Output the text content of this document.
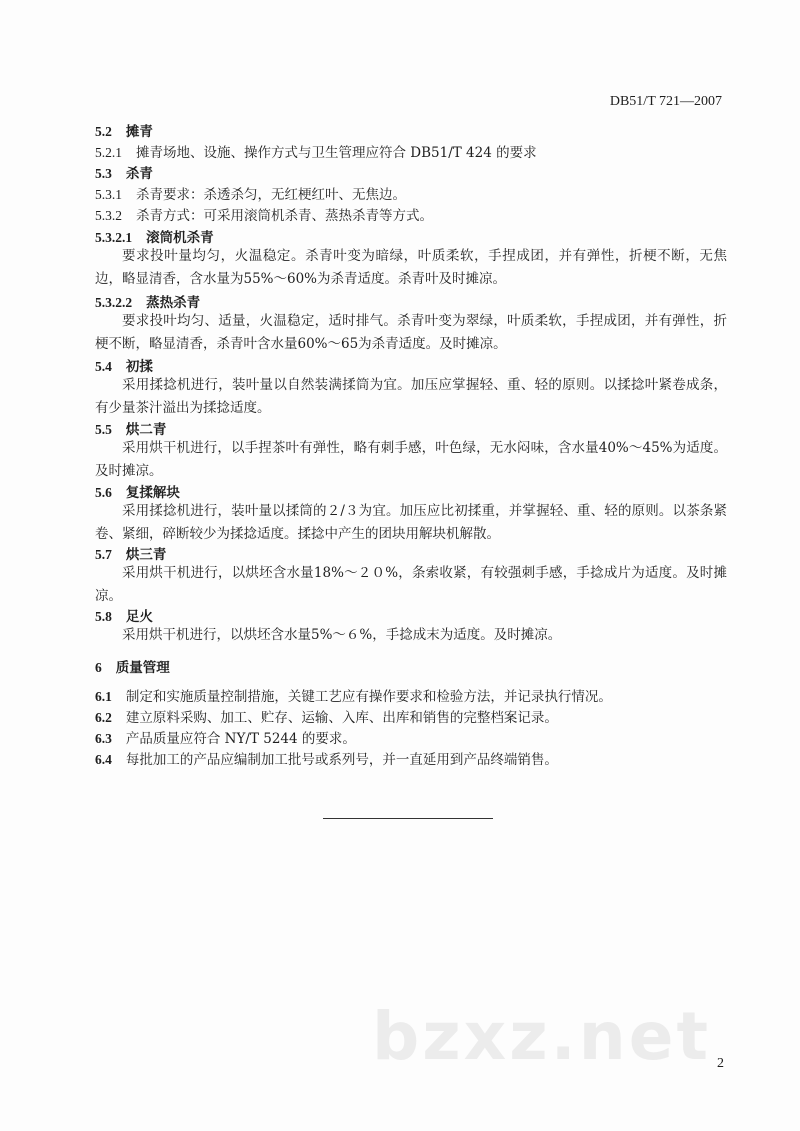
DB51/T 721—2007
5.2 摊青
5.2.1 摊青场地、设施、操作方式与卫生管理应符合 DB51/T 424 的要求
5.3 杀青
5.3.1 杀青要求：杀透杀匀，无红梗红叶、无焦边。
5.3.2 杀青方式：可采用滚筒机杀青、蒸热杀青等方式。
5.3.2.1 滚筒机杀青
要求投叶量均匀，火温稳定。杀青叶变为暗绿，叶质柔软，手捏成团，并有弹性，折梗不断，无焦边，略显清香，含水量为55%～60%为杀青适度。杀青叶及时摊凉。
5.3.2.2 蒸热杀青
要求投叶均匀、适量，火温稳定，适时排气。杀青叶变为翠绿，叶质柔软，手捏成团，并有弹性，折梗不断，略显清香，杀青叶含水量60%～65为杀青适度。及时摊凉。
5.4 初揉
采用揉捻机进行，装叶量以自然装满揉筒为宜。加压应掌握轻、重、轻的原则。以揉捻叶紧卷成条，有少量茶汁溢出为揉捻适度。
5.5 烘二青
采用烘干机进行，以手捏茶叶有弹性，略有刺手感，叶色绿，无水闷味，含水量40%～45%为适度。及时摊凉。
5.6 复揉解块
采用揉捻机进行，装叶量以揉筒的２/３为宜。加压应比初揉重，并掌握轻、重、轻的原则。以茶条紧卷、紧细，碎断较少为揉捻适度。揉捻中产生的团块用解块机解散。
5.7 烘三青
采用烘干机进行，以烘坯含水量18%～２０%，条索收紧，有较强刺手感，手捻成片为适度。及时摊凉。
5.8 足火
采用烘干机进行，以烘坯含水量5%～６%，手捻成末为适度。及时摊凉。
6 质量管理
6.1 制定和实施质量控制措施，关键工艺应有操作要求和检验方法，并记录执行情况。
6.2 建立原料采购、加工、贮存、运输、入库、出库和销售的完整档案记录。
6.3 产品质量应符合 NY/T 5244 的要求。
6.4 每批加工的产品应编制加工批号或系列号，并一直延用到产品终端销售。
bzxz.net 2
